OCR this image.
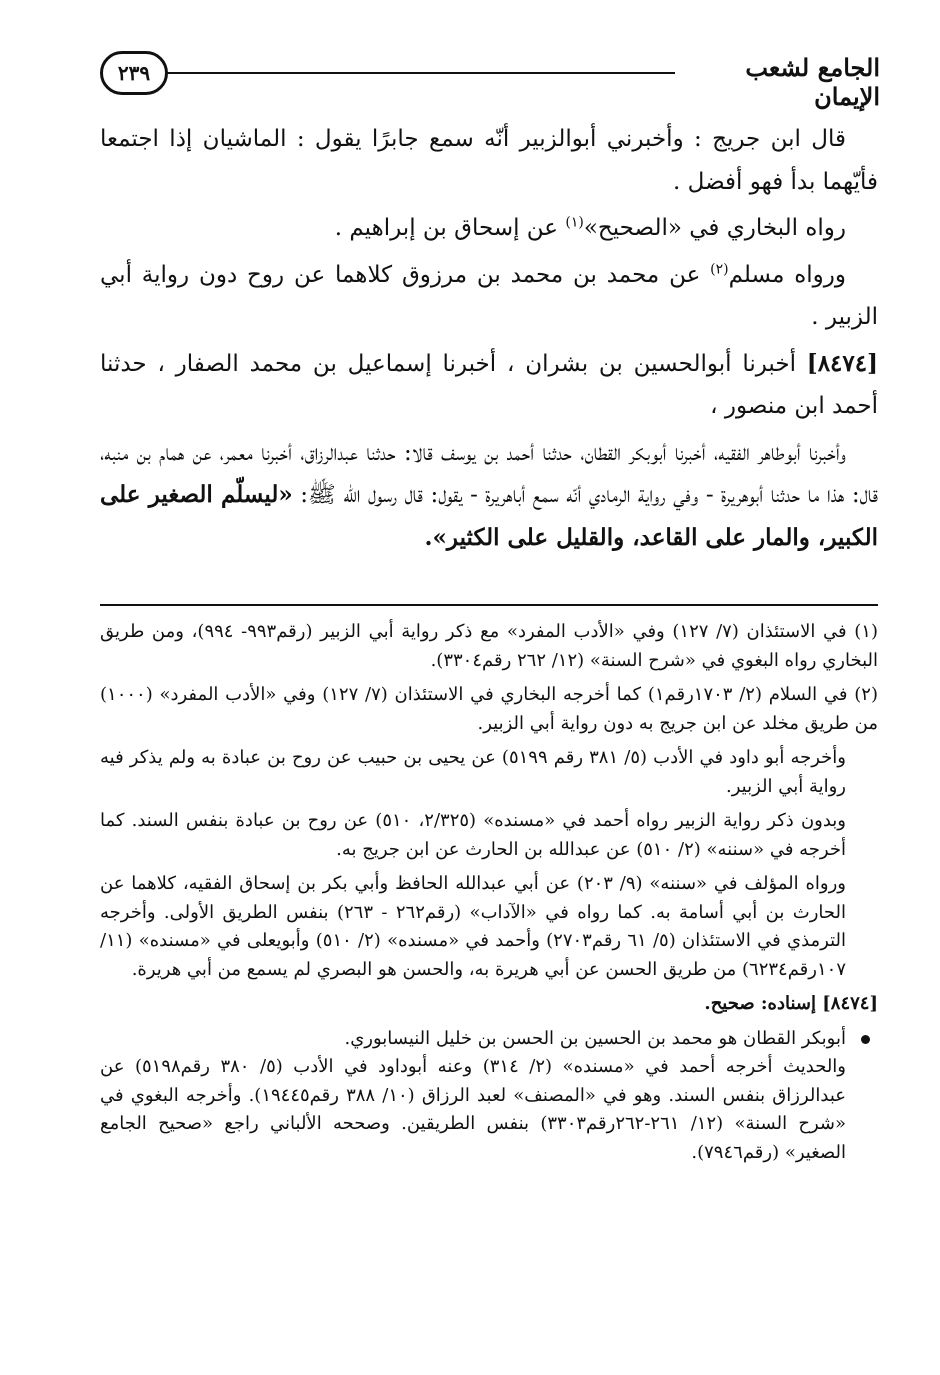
٢٣٩	الجامع لشعب الإيمان

قال ابن جريج : وأخبرني أبوالزبير أنّه سمع جابرًا يقول : الماشيان إذا اجتمعا فأيّهما بدأ فهو أفضل .

رواه البخاري في «الصحيح»$^{(١)}$ عن إسحاق بن إبراهيم .

ورواه مسلم$^{(٢)}$ عن محمد بن محمد بن مرزوق كلاهما عن روح دون رواية أبي الزبير .

[٨٤٧٤] أخبرنا أبوالحسين بن بشران ، أخبرنا إسماعيل بن محمد الصفار ، حدثنا أحمد ابن منصور ،

وأخبرنا أبوطاهر الفقيه، أخبرنا أبوبكر القطان، حدثنا أحمد بن يوسف قالا: حدثنا عبدالرزاق، أخبرنا معمر، عن همام بن منبه، قال: هذا ما حدثنا أبوهريرة - وفي رواية الرمادي أنّه سمع أباهريرة - يقول: قال رسول الله ﷺ: «ليسلّم الصغير على الكبير، والمار على القاعد، والقليل على الكثير».

(١) في الاستئذان (٧/ ١٢٧) وفي «الأدب المفرد» مع ذكر رواية أبي الزبير (رقم٩٩٣- ٩٩٤)، ومن طريق البخاري رواه البغوي في «شرح السنة» (١٢/ ٢٦٢ رقم٣٣٠٤).

(٢) في السلام (٢/ ١٧٠٣رقم١) كما أخرجه البخاري في الاستئذان (٧/ ١٢٧) وفي «الأدب المفرد» (١٠٠٠) من طريق مخلد عن ابن جريج به دون رواية أبي الزبير.

وأخرجه أبو داود في الأدب (٥/ ٣٨١ رقم ٥١٩٩) عن يحيى بن حبيب عن روح بن عبادة به ولم يذكر فيه رواية أبي الزبير.

وبدون ذكر رواية الزبير رواه أحمد في «مسنده» (٢/٣٢٥، ٥١٠) عن روح بن عبادة بنفس السند. كما أخرجه في «سننه» (٢/ ٥١٠) عن عبدالله بن الحارث عن ابن جريج به.

ورواه المؤلف في «سننه» (٩/ ٢٠٣) عن أبي عبدالله الحافظ وأبي بكر بن إسحاق الفقيه، كلاهما عن الحارث بن أبي أسامة به. كما رواه في «الآداب» (رقم٢٦٢ - ٢٦٣) بنفس الطريق الأولى. وأخرجه الترمذي في الاستئذان (٥/ ٦١ رقم٢٧٠٣) وأحمد في «مسنده» (٢/ ٥١٠) وأبويعلى في «مسنده» (١١/ ١٠٧رقم٦٢٣٤) من طريق الحسن عن أبي هريرة به، والحسن هو البصري لم يسمع من أبي هريرة.

[٨٤٧٤] إسناده: صحيح.

أبوبكر القطان هو محمد بن الحسين بن الحسن بن خليل النيسابوري.

والحديث أخرجه أحمد في «مسنده» (٢/ ٣١٤) وعنه أبوداود في الأدب (٥/ ٣٨٠ رقم٥١٩٨) عن عبدالرزاق بنفس السند. وهو في «المصنف» لعبد الرزاق (١٠/ ٣٨٨ رقم١٩٤٤٥). وأخرجه البغوي في «شرح السنة» (١٢/ ٢٦١-٢٦٢رقم٣٣٠٣) بنفس الطريقين. وصححه الألباني راجع «صحيح الجامع الصغير» (رقم٧٩٤٦).
